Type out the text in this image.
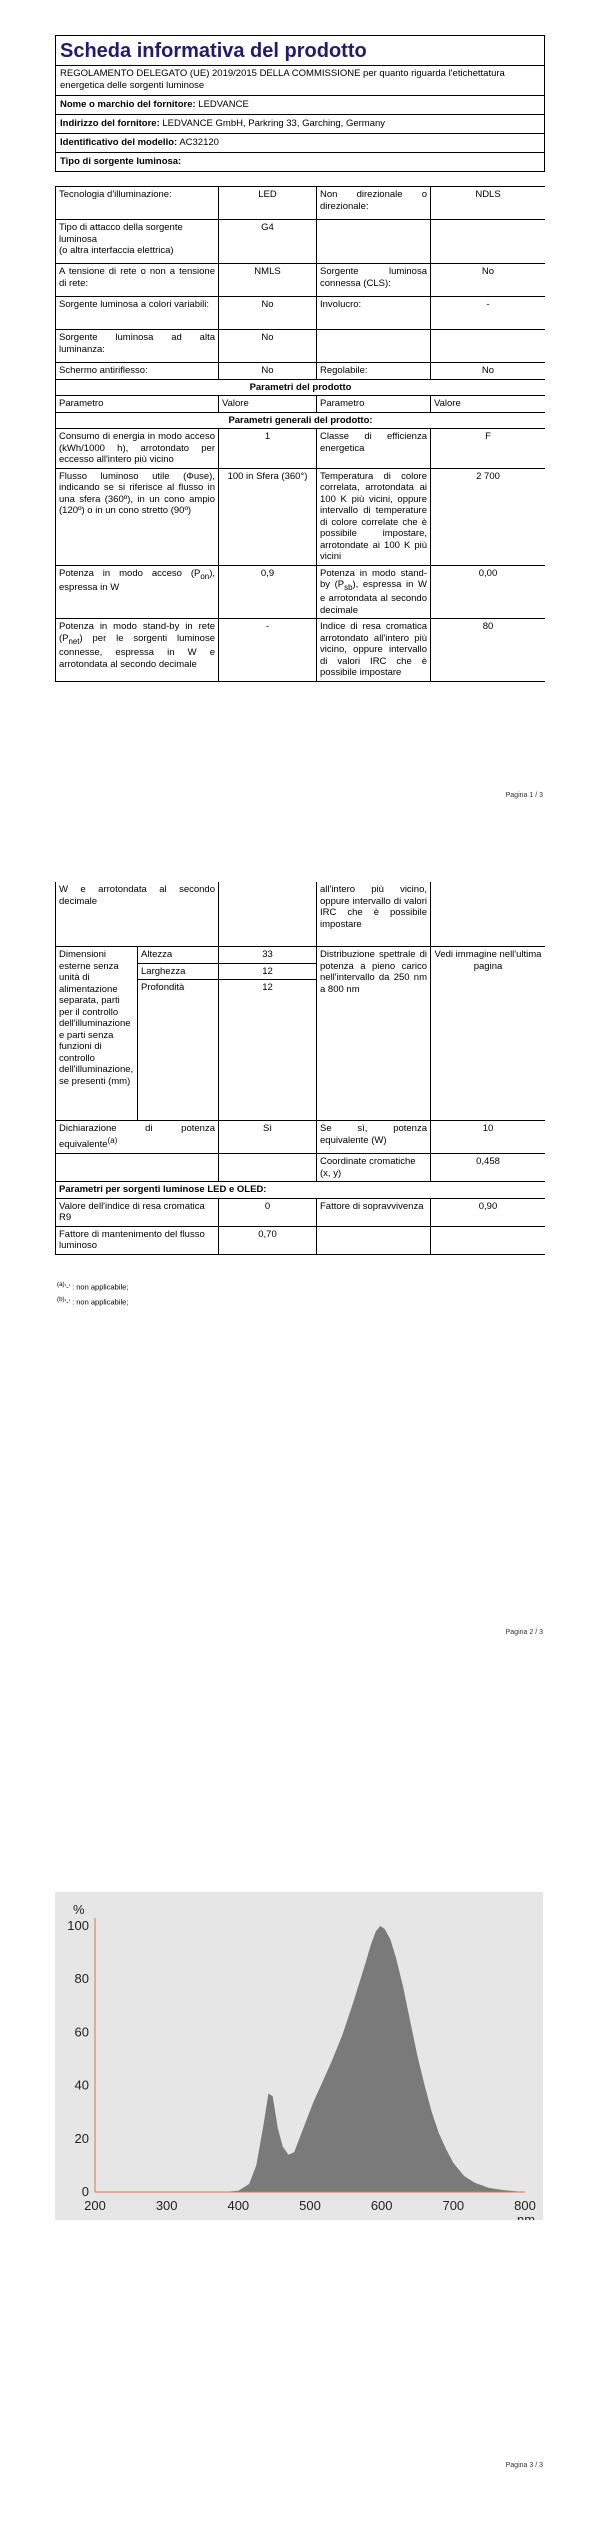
Scheda informativa del prodotto
REGOLAMENTO DELEGATO (UE) 2019/2015 DELLA COMMISSIONE per quanto riguarda l'etichettatura energetica delle sorgenti luminose
Nome o marchio del fornitore: LEDVANCE
Indirizzo del fornitore: LEDVANCE GmbH, Parkring 33, Garching, Germany
Identificativo del modello: AC32120
Tipo di sorgente luminosa:
Tecnologia d'illuminazione:	LED	Non direzionale o direzionale:	NDLS
Tipo di attacco della sorgente luminosa
(o altra interfaccia elettrica)	G4		
A tensione di rete o non a tensione di rete:	NMLS	Sorgente luminosa connessa (CLS):	No
Sorgente luminosa a colori variabili:	No	Involucro:	-
Sorgente luminosa ad alta luminanza:	No		
Schermo antiriflesso:	No	Regolabile:	No
Parametri del prodotto			
Parametro	Valore	Parametro	Valore
Parametri generali del prodotto:			
Consumo di energia in modo acceso (kWh/1000 h), arrotondato per eccesso all'intero più vicino	1	Classe di efficienza energetica	F
Flusso luminoso utile (Φuse), indicando se si riferisce al flusso in una sfera (360º), in un cono ampio (120º) o in un cono stretto (90º)	100 in Sfera (360°)	Temperatura di colore correlata, arrotondata ai 100 K più vicini, oppure intervallo di temperature di colore correlate che è possibile impostare, arrotondate ai 100 K più vicini	2 700
Potenza in modo acceso $(P_{on})$, espressa in W	0,9	Potenza in modo stand-by $(P_{sb})$, espressa in W e arrotondata al secondo decimale	0,00
Potenza in modo stand-by in rete $(P_{net})$ per le sorgenti luminose connesse, espressa in W e arrotondata al secondo decimale	-	Indice di resa cromatica arrotondato all'intero più vicino, oppure intervallo di valori IRC che è possibile impostare	80
Pagina 1 / 3
W e arrotondata al secondo decimale			all'intero più vicino, oppure intervallo di valori IRC che è possibile impostare	
Dimensioni esterne senza unità di alimentazione separata, parti per il controllo dell'illuminazione e parti senza funzioni di controllo dell'illuminazione, se presenti (mm)	Altezza	33	Distribuzione spettrale di potenza a pieno carico nell'intervallo da 250 nm a 800 nm	Vedi immagine nell'ultima pagina
	Larghezza	12		
	Profondità	12		
Dichiarazione di potenza equivalente$^{(a)}$		Sì	Se sì, potenza equivalente (W)	10
			Coordinate cromatiche (x, y)	0,458
Parametri per sorgenti luminose LED e OLED:				
Valore dell'indice di resa cromatica R9		0	Fattore di sopravvivenza	0,90
Fattore di mantenimento del flusso luminoso		0,70		
$^{(a)}$'-' : non applicabile;
$^{(b)}$'-' : non applicabile;
Pagina 2 / 3
0
20
40
60
80
100
200	300	400	500	600	700	800
%
nm
Pagina 3 / 3
